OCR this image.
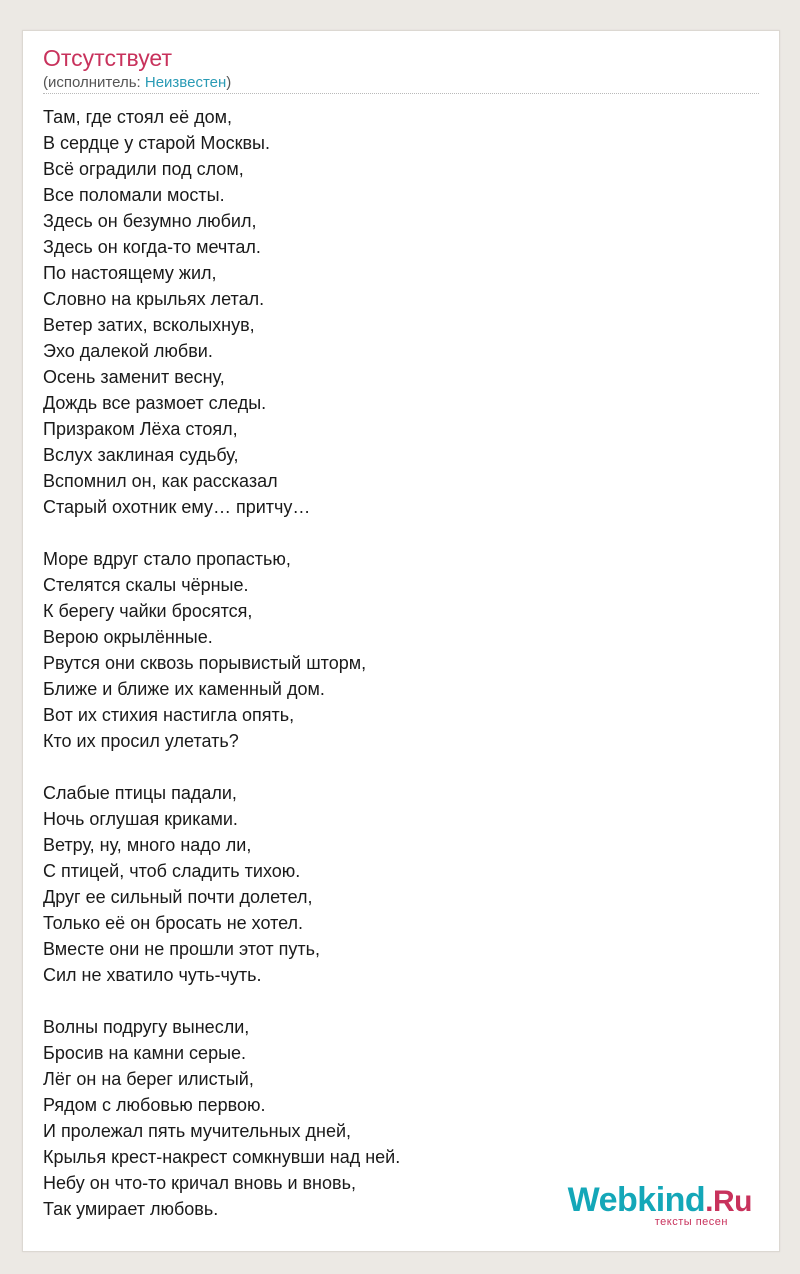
Отсутствует
(исполнитель: Неизвестен)
Там, где стоял её дом,
В сердце у старой Москвы.
Всё оградили под слом,
Все поломали мосты.
Здесь он безумно любил,
Здесь он когда-то мечтал.
По настоящему жил,
Словно на крыльях летал.
Ветер затих, всколыхнув,
Эхо далекой любви.
Осень заменит весну,
Дождь все размоет следы.
Призраком Лёха стоял,
Вслух заклиная судьбу,
Вспомнил он, как рассказал
Старый охотник ему… притчу…
Море вдруг стало пропастью,
Стелятся скалы чёрные.
К берегу чайки бросятся,
Верою окрылённые.
Рвутся они сквозь порывистый шторм,
Ближе и ближе их каменный дом.
Вот их стихия настигла опять,
Кто их просил улетать?
Слабые птицы падали,
Ночь оглушая криками.
Ветру, ну, много надо ли,
С птицей, чтоб сладить тихою.
Друг ее сильный почти долетел,
Только её он бросать не хотел.
Вместе они не прошли этот путь,
Сил не хватило чуть-чуть.
Волны подругу вынесли,
Бросив на камни серые.
Лёг он на берег илистый,
Рядом с любовью первою.
И пролежал пять мучительных дней,
Крылья крест-накрест сомкнувши над ней.
Небу он что-то кричал вновь и вновь,
Так умирает любовь.	Webkind.Ru
тексты песен
